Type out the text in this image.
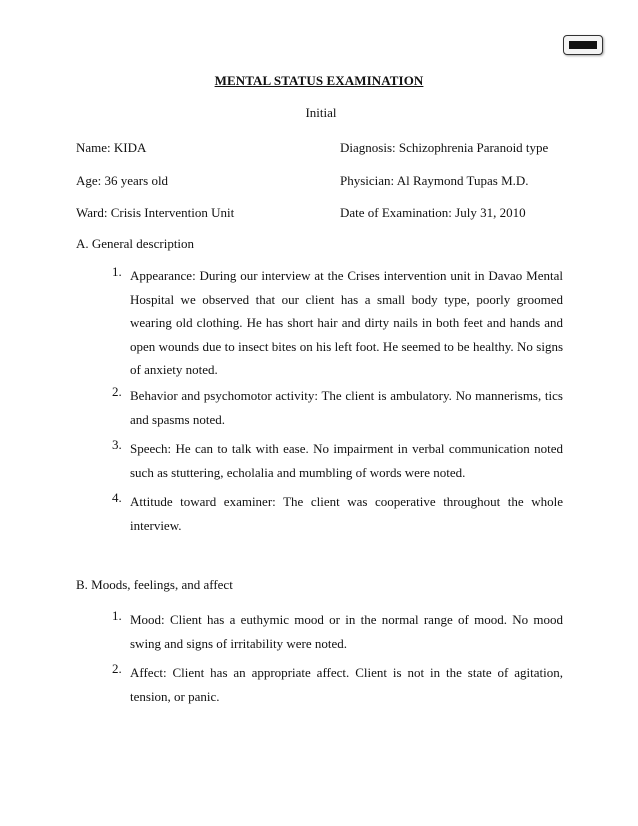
MENTAL STATUS EXAMINATION
Initial
Name: KIDA	Diagnosis: Schizophrenia Paranoid type
Age: 36 years old	Physician: Al Raymond Tupas M.D.
Ward: Crisis Intervention Unit	Date of Examination: July 31, 2010
A. General description
1. Appearance: During our interview at the Crises intervention unit in Davao Mental Hospital we observed that our client has a small body type, poorly groomed wearing old clothing. He has short hair and dirty nails in both feet and hands and open wounds due to insect bites on his left foot. He seemed to be healthy. No signs of anxiety noted.
2. Behavior and psychomotor activity: The client is ambulatory. No mannerisms, tics and spasms noted.
3. Speech: He can to talk with ease. No impairment in verbal communication noted such as stuttering, echolalia and mumbling of words were noted.
4. Attitude toward examiner: The client was cooperative throughout the whole interview.
B. Moods, feelings, and affect
1. Mood: Client has a euthymic mood or in the normal range of mood. No mood swing and signs of irritability were noted.
2. Affect: Client has an appropriate affect. Client is not in the state of agitation, tension, or panic.
